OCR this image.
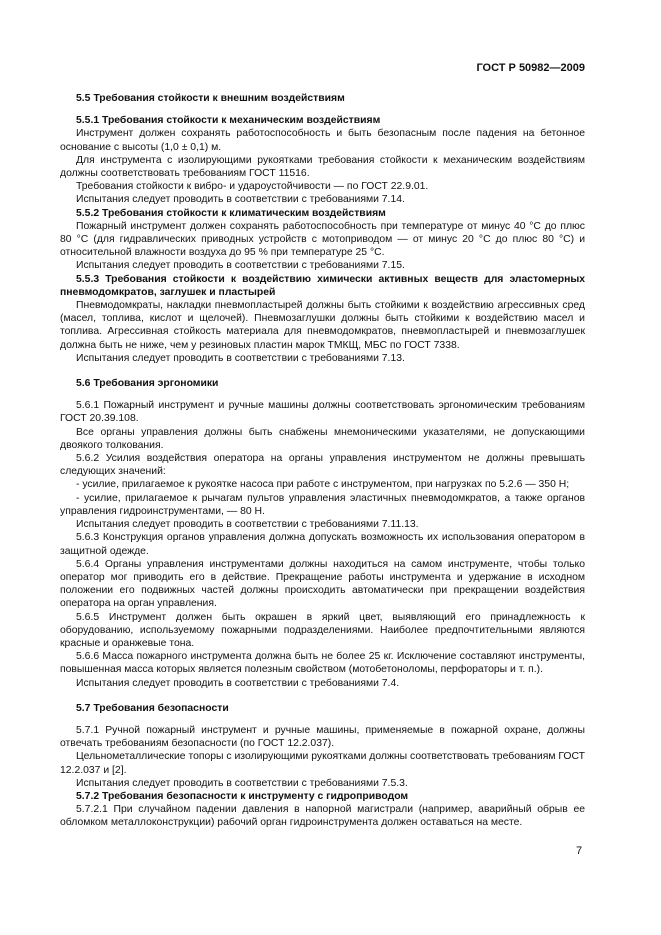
ГОСТ Р 50982—2009

5.5 Требования стойкости к внешним воздействиям

5.5.1 Требования стойкости к механическим воздействиям

Инструмент должен сохранять работоспособность и быть безопасным после падения на бетонное основание с высоты (1,0 ± 0,1) м.

Для инструмента с изолирующими рукоятками требования стойкости к механическим воздействиям должны соответствовать требованиям ГОСТ 11516.

Требования стойкости к вибро- и удароустойчивости — по ГОСТ 22.9.01.

Испытания следует проводить в соответствии с требованиями 7.14.

5.5.2 Требования стойкости к климатическим воздействиям

Пожарный инструмент должен сохранять работоспособность при температуре от минус 40 °С до плюс 80 °С (для гидравлических приводных устройств с мотоприводом — от минус 20 °С до плюс 80 °С) и относительной влажности воздуха до 95 % при температуре 25 °С.

Испытания следует проводить в соответствии с требованиями 7.15.

5.5.3 Требования стойкости к воздействию химически активных веществ для эластомерных пневмодомкратов, заглушек и пластырей

Пневмодомкраты, накладки пневмопластырей должны быть стойкими к воздействию агрессивных сред (масел, топлива, кислот и щелочей). Пневмозаглушки должны быть стойкими к воздействию масел и топлива. Агрессивная стойкость материала для пневмодомкратов, пневмопластырей и пневмозаглушек должна быть не ниже, чем у резиновых пластин марок ТМКЩ, МБС по ГОСТ 7338.

Испытания следует проводить в соответствии с требованиями 7.13.

5.6 Требования эргономики

5.6.1 Пожарный инструмент и ручные машины должны соответствовать эргономическим требованиям ГОСТ 20.39.108.

Все органы управления должны быть снабжены мнемоническими указателями, не допускающими двоякого толкования.

5.6.2 Усилия воздействия оператора на органы управления инструментом не должны превышать следующих значений:

- усилие, прилагаемое к рукоятке насоса при работе с инструментом, при нагрузках по 5.2.6 — 350 Н;

- усилие, прилагаемое к рычагам пультов управления эластичных пневмодомкратов, а также органов управления гидроинструментами, — 80 Н.

Испытания следует проводить в соответствии с требованиями 7.11.13.

5.6.3 Конструкция органов управления должна допускать возможность их использования оператором в защитной одежде.

5.6.4 Органы управления инструментами должны находиться на самом инструменте, чтобы только оператор мог приводить его в действие. Прекращение работы инструмента и удержание в исходном положении его подвижных частей должны происходить автоматически при прекращении воздействия оператора на орган управления.

5.6.5 Инструмент должен быть окрашен в яркий цвет, выявляющий его принадлежность к оборудованию, используемому пожарными подразделениями. Наиболее предпочтительными являются красные и оранжевые тона.

5.6.6 Масса пожарного инструмента должна быть не более 25 кг. Исключение составляют инструменты, повышенная масса которых является полезным свойством (мотобетоноломы, перфораторы и т. п.).

Испытания следует проводить в соответствии с требованиями 7.4.

5.7 Требования безопасности

5.7.1 Ручной пожарный инструмент и ручные машины, применяемые в пожарной охране, должны отвечать требованиям безопасности (по ГОСТ 12.2.037).

Цельнометаллические топоры с изолирующими рукоятками должны соответствовать требованиям ГОСТ 12.2.037 и [2].

Испытания следует проводить в соответствии с требованиями 7.5.3.

5.7.2 Требования безопасности к инструменту с гидроприводом

5.7.2.1 При случайном падении давления в напорной магистрали (например, аварийный обрыв ее обломком металлоконструкции) рабочий орган гидроинструмента должен оставаться на месте.

7
